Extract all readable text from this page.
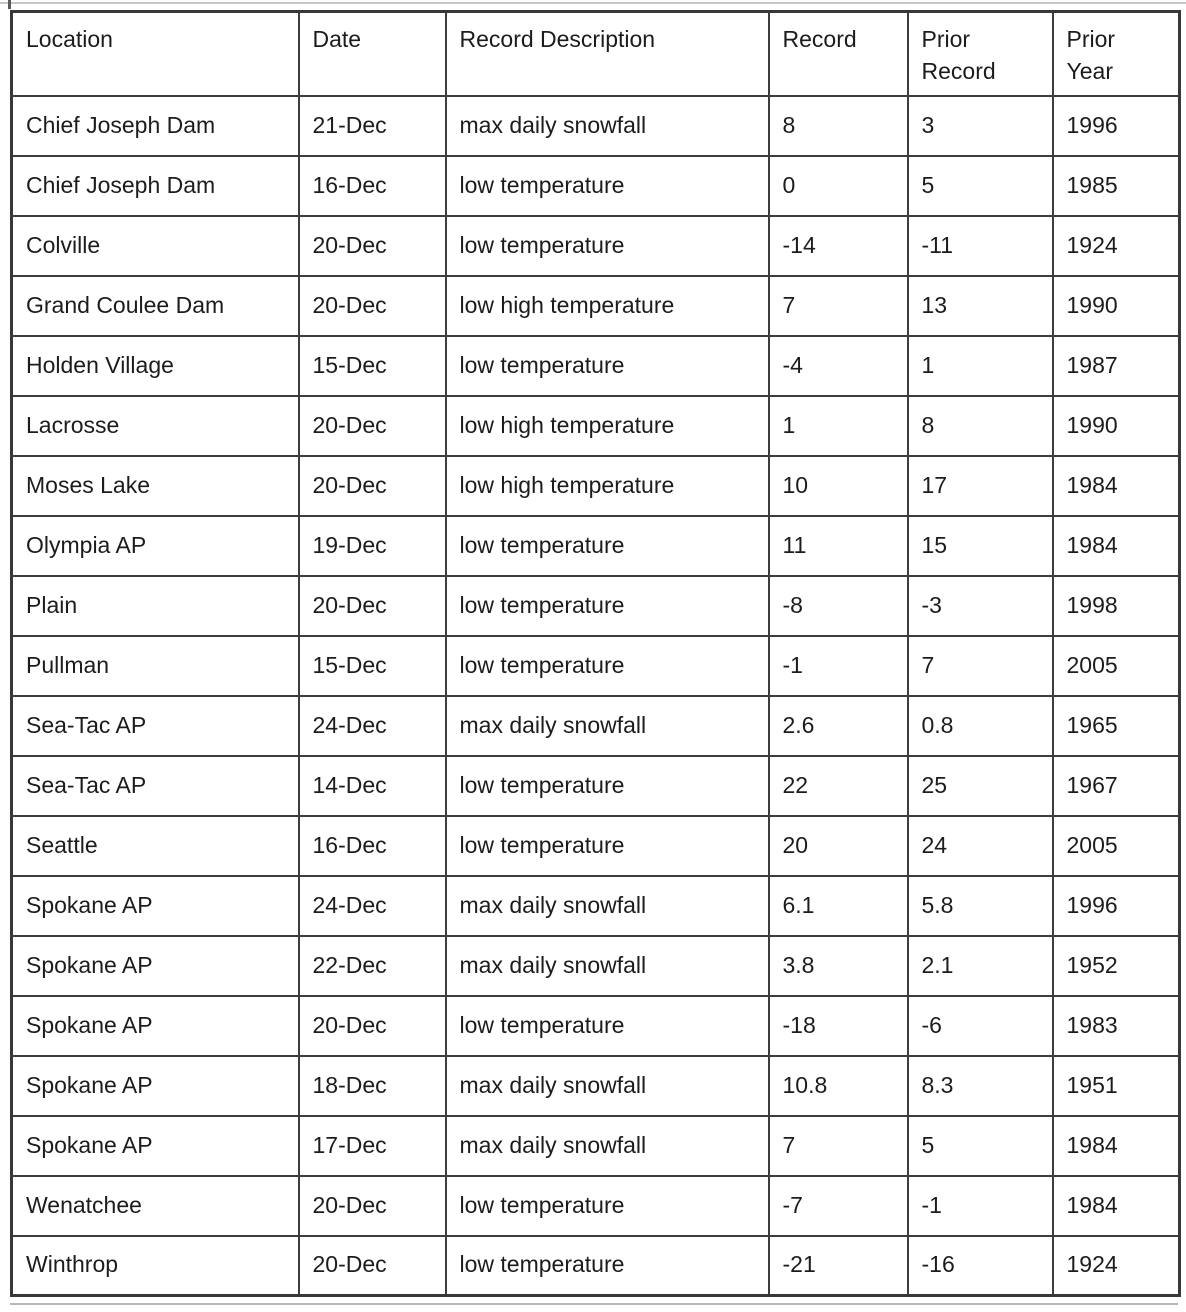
Location	Date	Record Description	Record	Prior Record	Prior Year
Chief Joseph Dam	21-Dec	max daily snowfall	8	3	1996
Chief Joseph Dam	16-Dec	low temperature	0	5	1985
Colville	20-Dec	low temperature	-14	-11	1924
Grand Coulee Dam	20-Dec	low high temperature	7	13	1990
Holden Village	15-Dec	low temperature	-4	1	1987
Lacrosse	20-Dec	low high temperature	1	8	1990
Moses Lake	20-Dec	low high temperature	10	17	1984
Olympia AP	19-Dec	low temperature	11	15	1984
Plain	20-Dec	low temperature	-8	-3	1998
Pullman	15-Dec	low temperature	-1	7	2005
Sea-Tac AP	24-Dec	max daily snowfall	2.6	0.8	1965
Sea-Tac AP	14-Dec	low temperature	22	25	1967
Seattle	16-Dec	low temperature	20	24	2005
Spokane AP	24-Dec	max daily snowfall	6.1	5.8	1996
Spokane AP	22-Dec	max daily snowfall	3.8	2.1	1952
Spokane AP	20-Dec	low temperature	-18	-6	1983
Spokane AP	18-Dec	max daily snowfall	10.8	8.3	1951
Spokane AP	17-Dec	max daily snowfall	7	5	1984
Wenatchee	20-Dec	low temperature	-7	-1	1984
Winthrop	20-Dec	low temperature	-21	-16	1924
